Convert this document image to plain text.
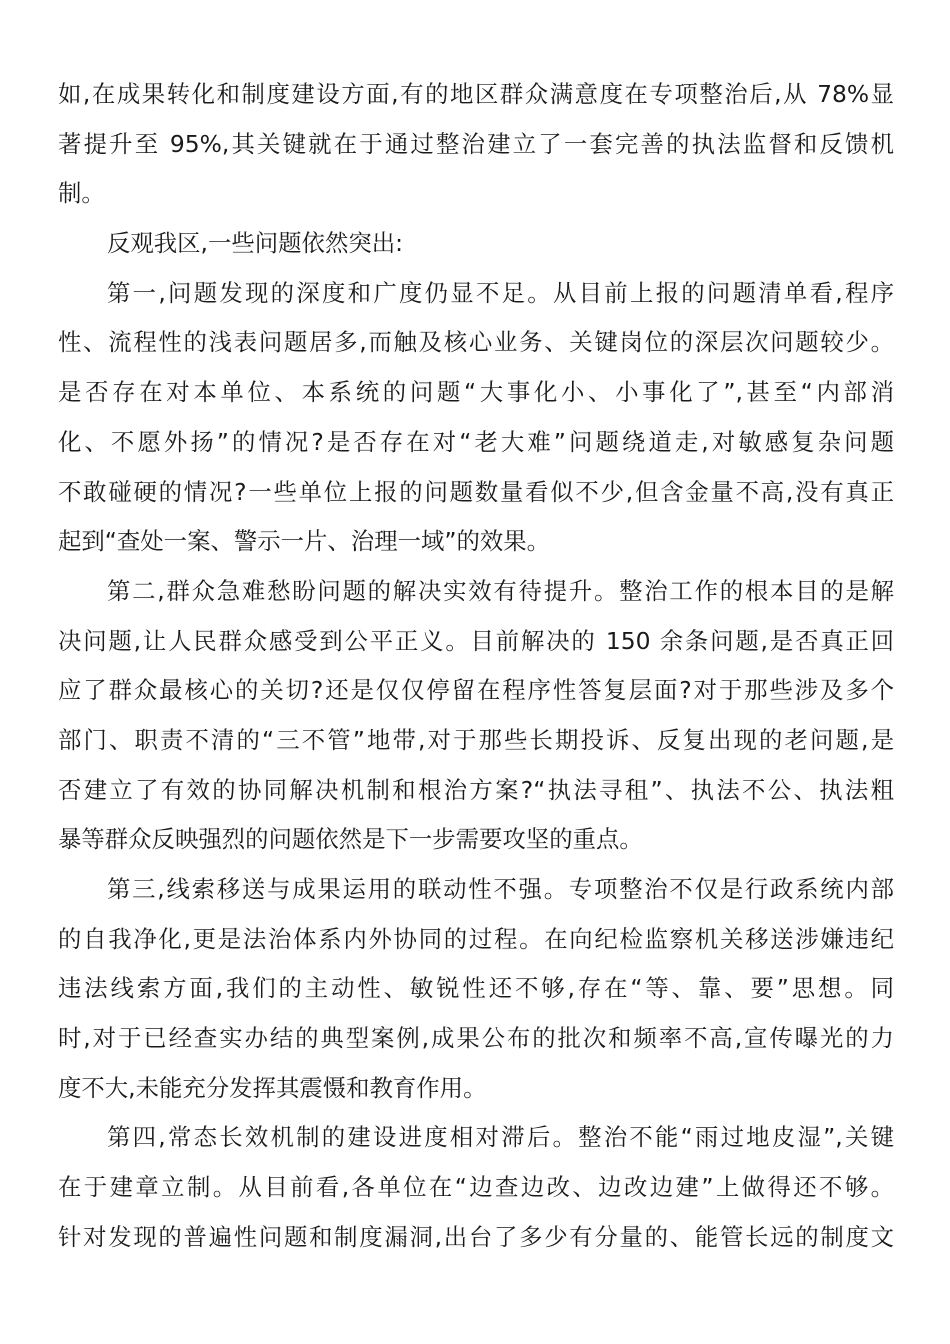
如,在成果转化和制度建设方面,有的地区群众满意度在专项整治后,从 78%显
著提升至 95%,其关键就在于通过整治建立了一套完善的执法监督和反馈机
制。
反观我区,一些问题依然突出:
第一,问题发现的深度和广度仍显不足。从目前上报的问题清单看,程序
性、流程性的浅表问题居多,而触及核心业务、关键岗位的深层次问题较少。
是否存在对本单位、本系统的问题“大事化小、小事化了”,甚至“内部消
化、不愿外扬”的情况?是否存在对“老大难”问题绕道走,对敏感复杂问题
不敢碰硬的情况?一些单位上报的问题数量看似不少,但含金量不高,没有真正
起到“查处一案、警示一片、治理一域”的效果。
第二,群众急难愁盼问题的解决实效有待提升。整治工作的根本目的是解
决问题,让人民群众感受到公平正义。目前解决的 150 余条问题,是否真正回
应了群众最核心的关切?还是仅仅停留在程序性答复层面?对于那些涉及多个
部门、职责不清的“三不管”地带,对于那些长期投诉、反复出现的老问题,是
否建立了有效的协同解决机制和根治方案?“执法寻租”、执法不公、执法粗
暴等群众反映强烈的问题依然是下一步需要攻坚的重点。
第三,线索移送与成果运用的联动性不强。专项整治不仅是行政系统内部
的自我净化,更是法治体系内外协同的过程。在向纪检监察机关移送涉嫌违纪
违法线索方面,我们的主动性、敏锐性还不够,存在“等、靠、要”思想。同
时,对于已经查实办结的典型案例,成果公布的批次和频率不高,宣传曝光的力
度不大,未能充分发挥其震慑和教育作用。
第四,常态长效机制的建设进度相对滞后。整治不能“雨过地皮湿”,关键
在于建章立制。从目前看,各单位在“边查边改、边改边建”上做得还不够。
针对发现的普遍性问题和制度漏洞,出台了多少有分量的、能管长远的制度文
